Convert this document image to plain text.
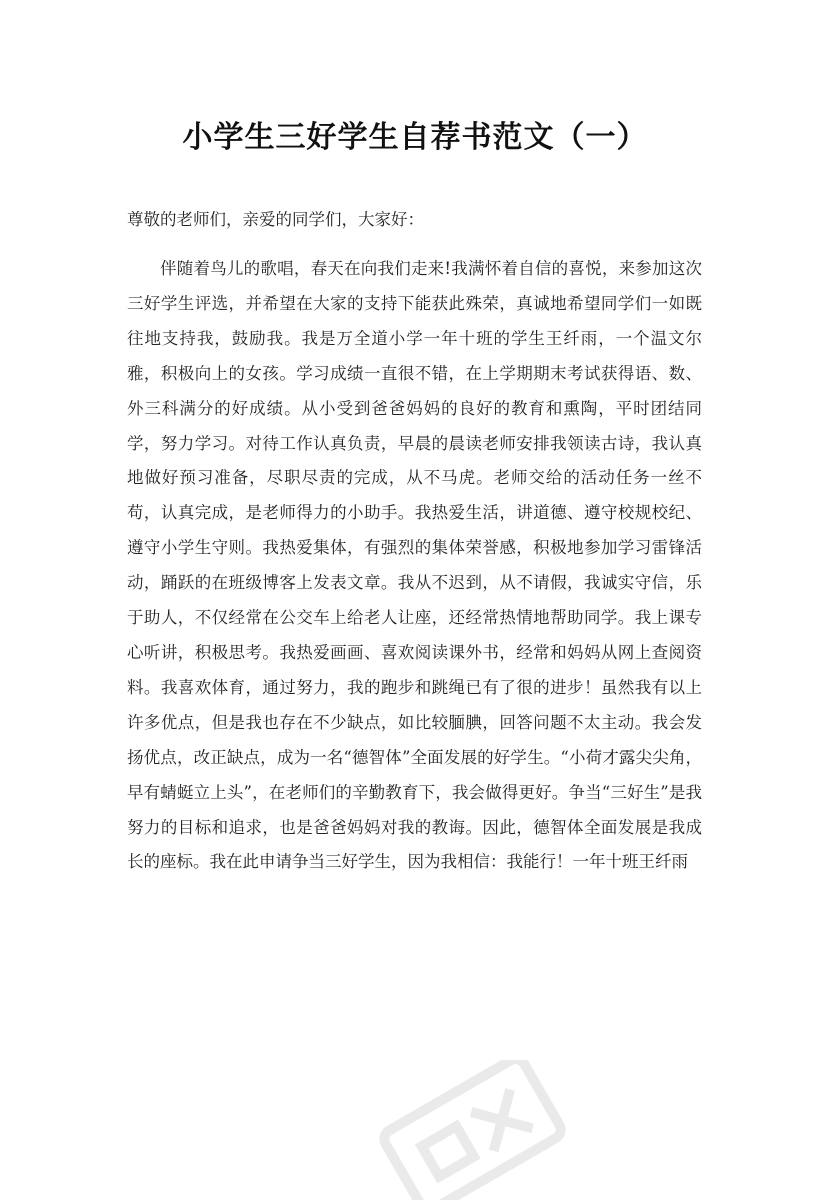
小学生三好学生自荐书范文（一）

尊敬的老师们，亲爱的同学们，大家好：

伴随着鸟儿的歌唱，春天在向我们走来!我满怀着自信的喜悦，来参加这次三好学生评选，并希望在大家的支持下能获此殊荣，真诚地希望同学们一如既往地支持我，鼓励我。我是万全道小学一年十班的学生王纤雨，一个温文尔雅，积极向上的女孩。学习成绩一直很不错，在上学期期末考试获得语、数、外三科满分的好成绩。从小受到爸爸妈妈的良好的教育和熏陶，平时团结同学，努力学习。对待工作认真负责，早晨的晨读老师安排我领读古诗，我认真地做好预习准备，尽职尽责的完成，从不马虎。老师交给的活动任务一丝不苟，认真完成，是老师得力的小助手。我热爱生活，讲道德、遵守校规校纪、遵守小学生守则。我热爱集体，有强烈的集体荣誉感，积极地参加学习雷锋活动，踊跃的在班级博客上发表文章。我从不迟到，从不请假，我诚实守信，乐于助人，不仅经常在公交车上给老人让座，还经常热情地帮助同学。我上课专心听讲，积极思考。我热爱画画、喜欢阅读课外书，经常和妈妈从网上查阅资料。我喜欢体育，通过努力，我的跑步和跳绳已有了很的进步！虽然我有以上许多优点，但是我也存在不少缺点，如比较腼腆，回答问题不太主动。我会发扬优点，改正缺点，成为一名“德智体”全面发展的好学生。“小荷才露尖尖角，早有蜻蜓立上头”，在老师们的辛勤教育下，我会做得更好。争当“三好生”是我努力的目标和追求，也是爸爸妈妈对我的教诲。因此，德智体全面发展是我成长的座标。我在此申请争当三好学生，因为我相信：我能行！一年十班王纤雨
